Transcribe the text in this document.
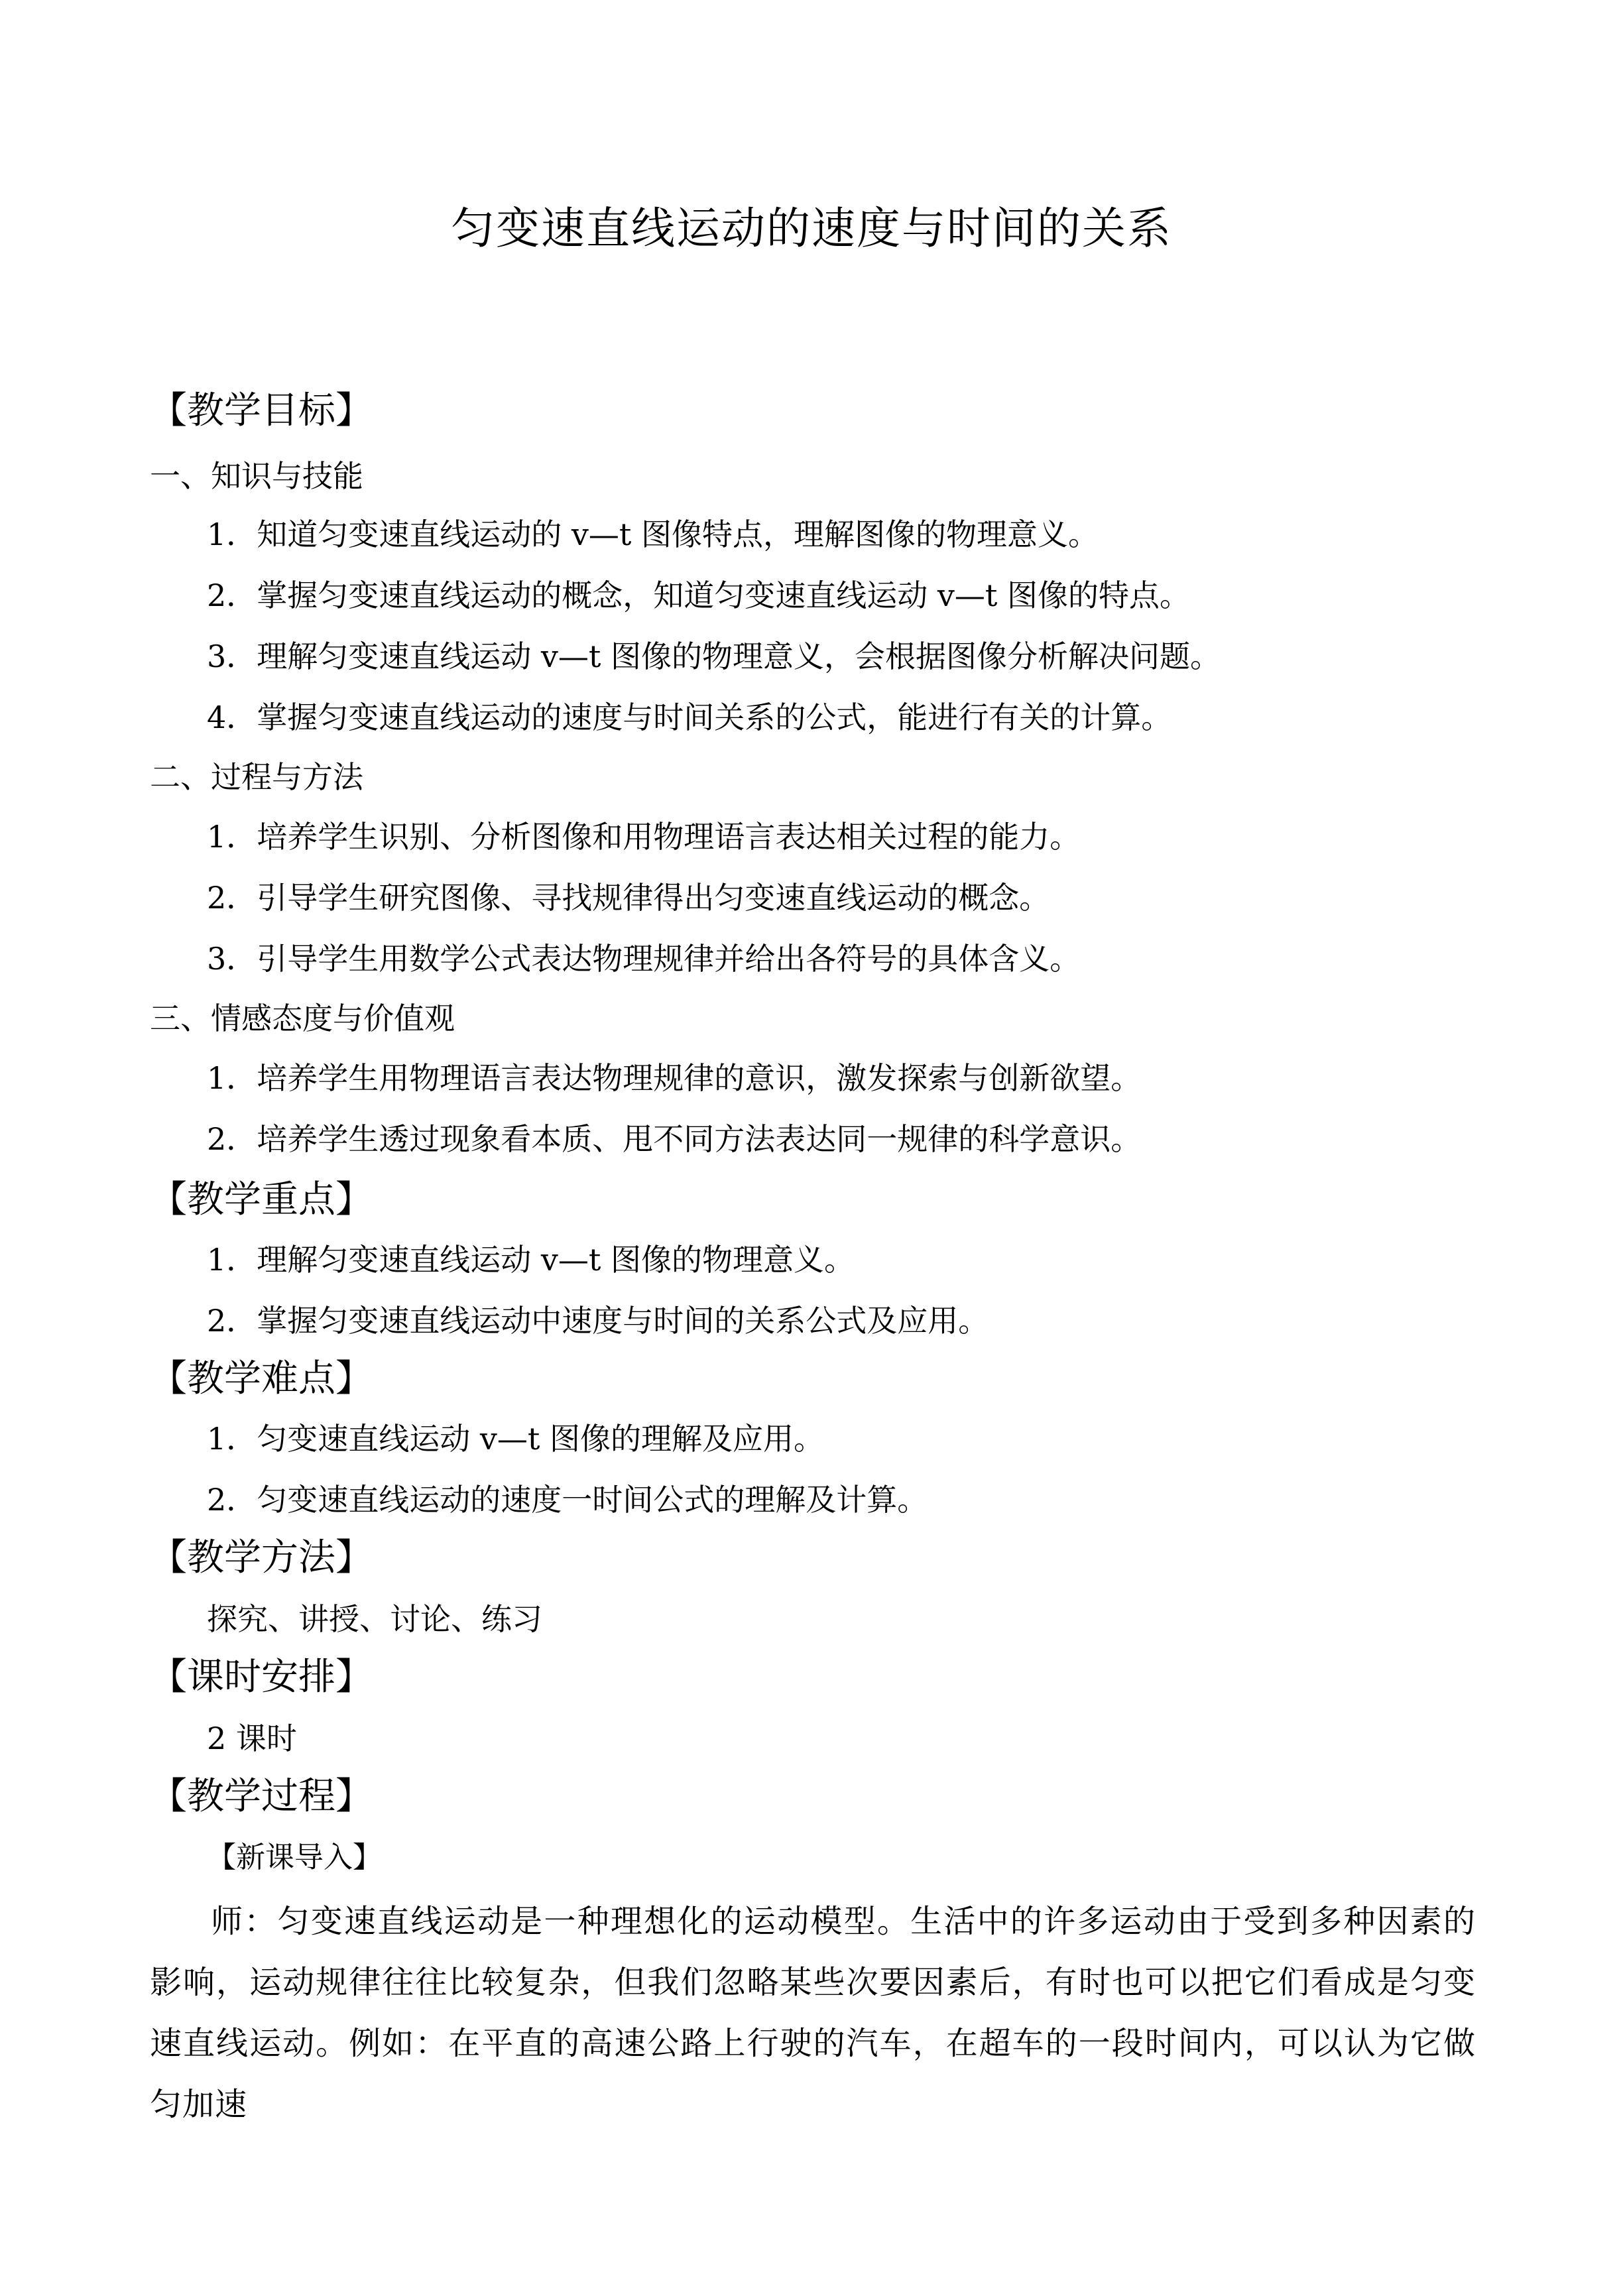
匀变速直线运动的速度与时间的关系
【教学目标】
一、知识与技能
1．知道匀变速直线运动的 v—t 图像特点，理解图像的物理意义。
2．掌握匀变速直线运动的概念，知道匀变速直线运动 v—t 图像的特点。
3．理解匀变速直线运动 v—t 图像的物理意义，会根据图像分析解决问题。
4．掌握匀变速直线运动的速度与时间关系的公式，能进行有关的计算。
二、过程与方法
1．培养学生识别、分析图像和用物理语言表达相关过程的能力。
2．引导学生研究图像、寻找规律得出匀变速直线运动的概念。
3．引导学生用数学公式表达物理规律并给出各符号的具体含义。
三、情感态度与价值观
1．培养学生用物理语言表达物理规律的意识，激发探索与创新欲望。
2．培养学生透过现象看本质、甩不同方法表达同一规律的科学意识。
【教学重点】
1．理解匀变速直线运动 v—t 图像的物理意义。
2．掌握匀变速直线运动中速度与时间的关系公式及应用。
【教学难点】
1．匀变速直线运动 v—t 图像的理解及应用。
2．匀变速直线运动的速度一时间公式的理解及计算。
【教学方法】
探究、讲授、讨论、练习
【课时安排】
2 课时
【教学过程】
【新课导入】
师：匀变速直线运动是一种理想化的运动模型。生活中的许多运动由于受到多种因素的影响，运动规律往往比较复杂，但我们忽略某些次要因素后，有时也可以把它们看成是匀变速直线运动。例如：在平直的高速公路上行驶的汽车，在超车的一段时间内，可以认为它做匀加速
